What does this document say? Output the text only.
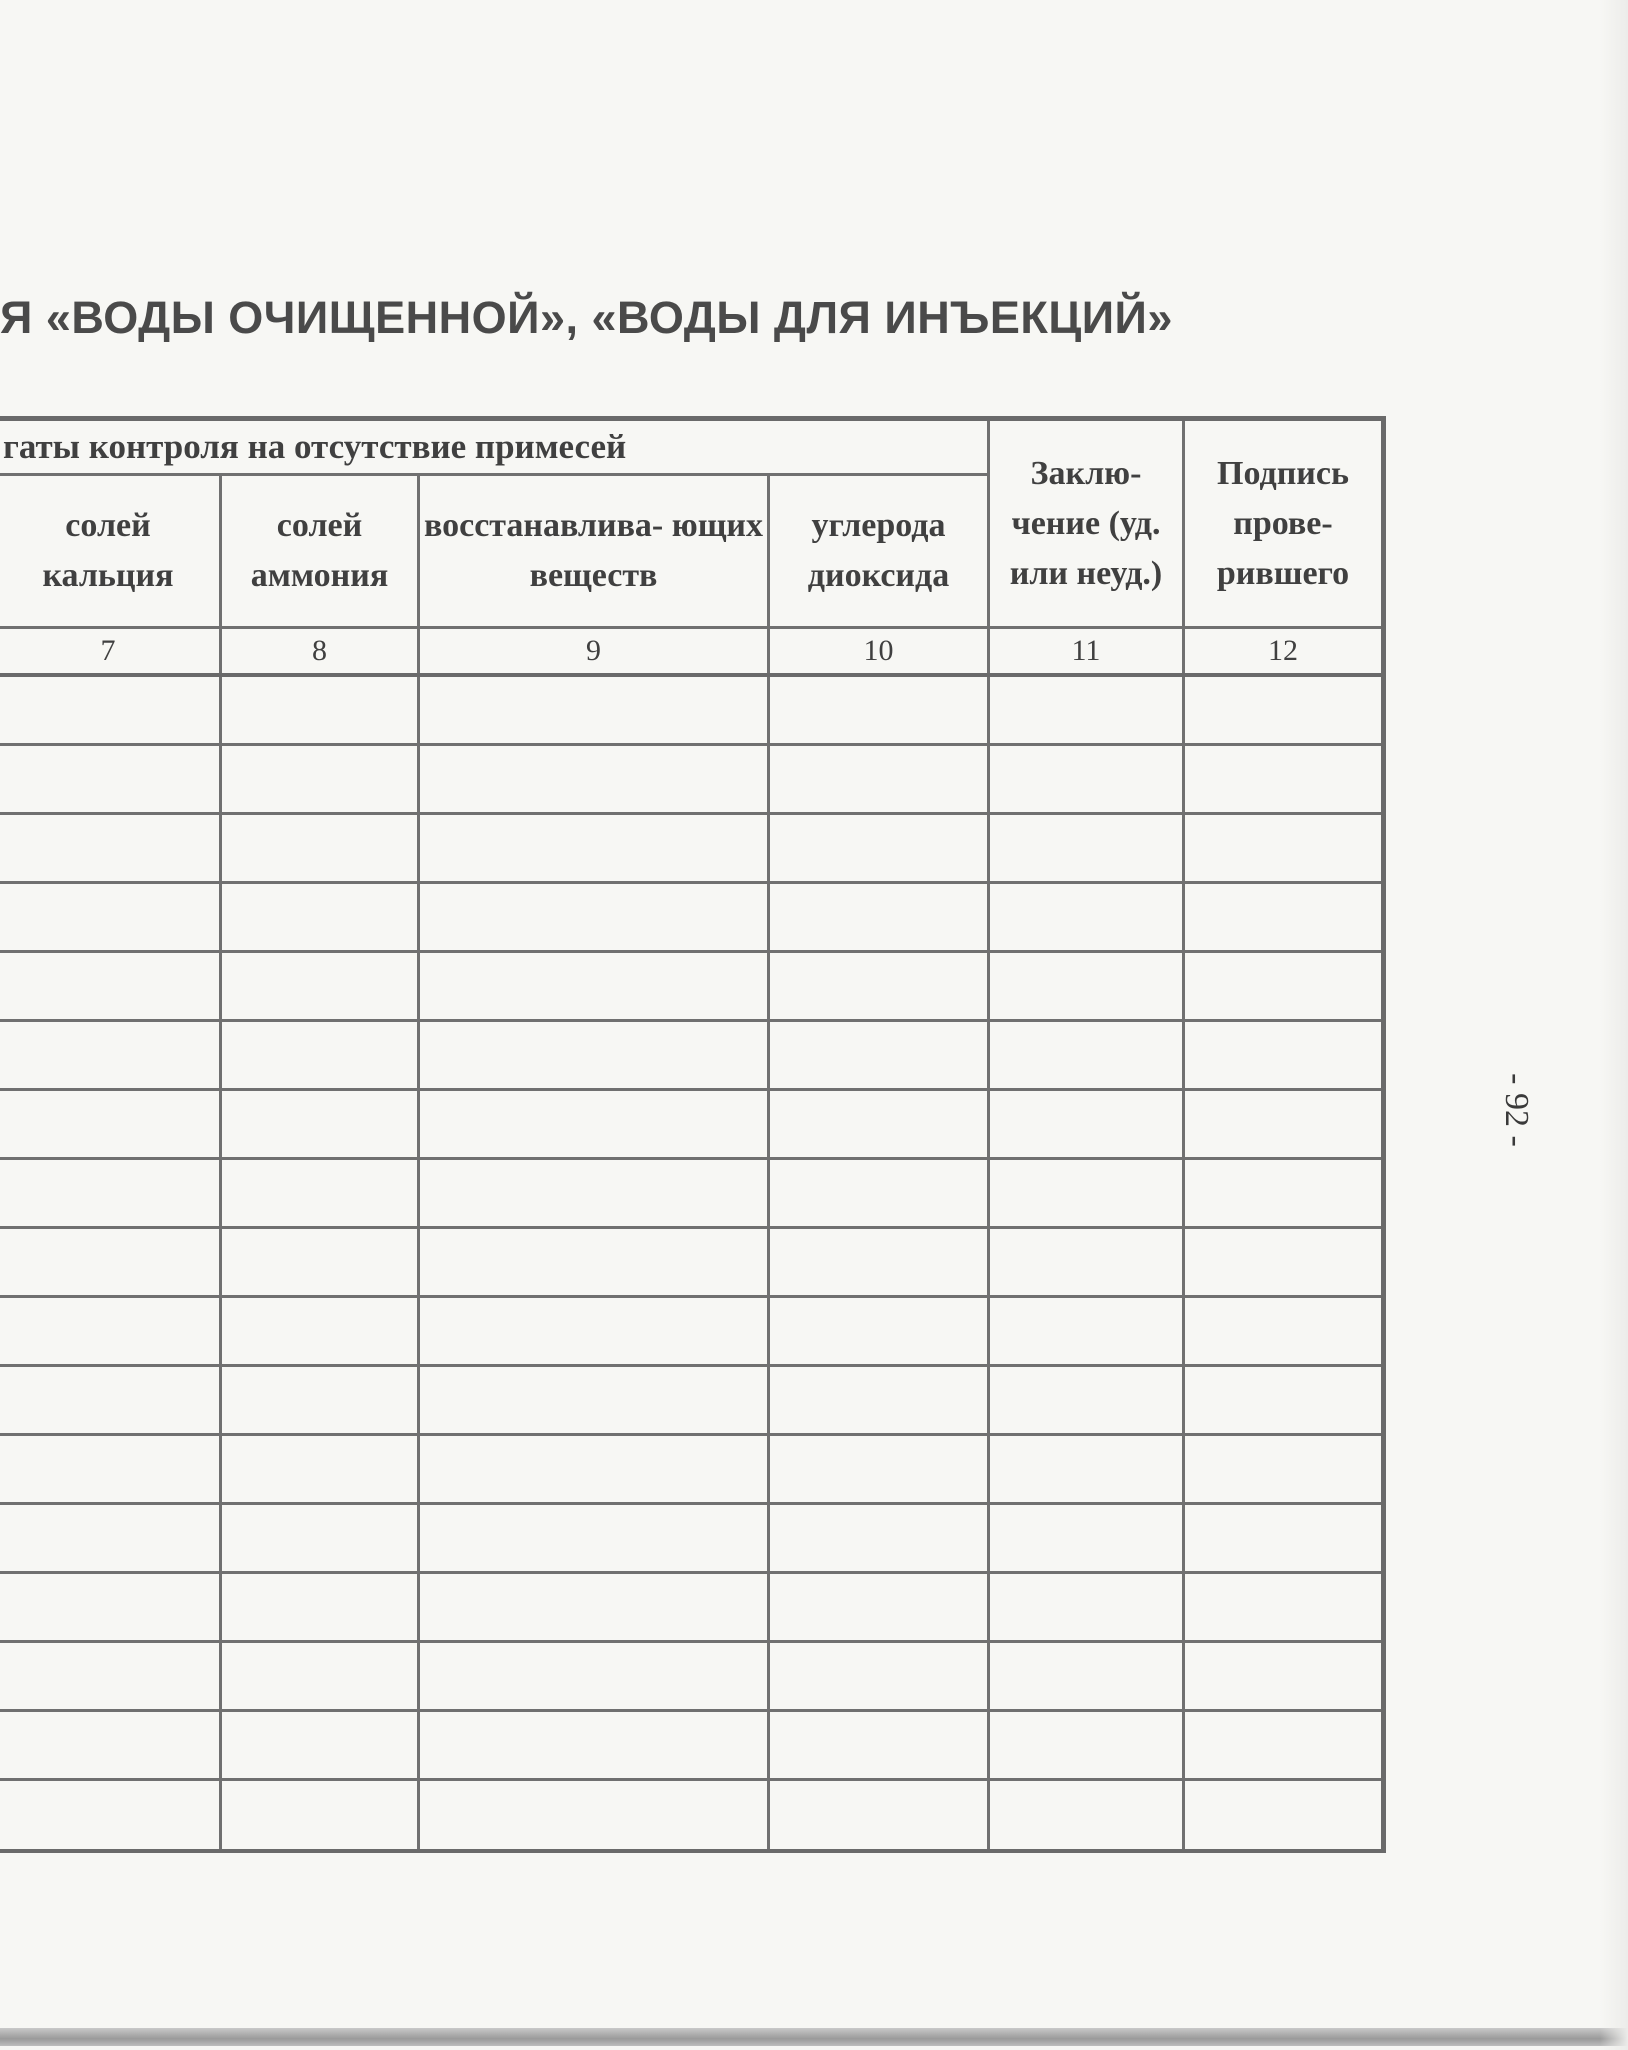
Я «ВОДЫ ОЧИЩЕННОЙ», «ВОДЫ ДЛЯ ИНЪЕКЦИЙ»
гаты контроля на отсутствие примесей				Заклю- чение (уд. или неуд.)	Подпись прове- рившего
солей кальция	солей аммония	восстанавлива- ющих веществ	углерода диоксида		
7	8	9	10	11	12

- 92 -
